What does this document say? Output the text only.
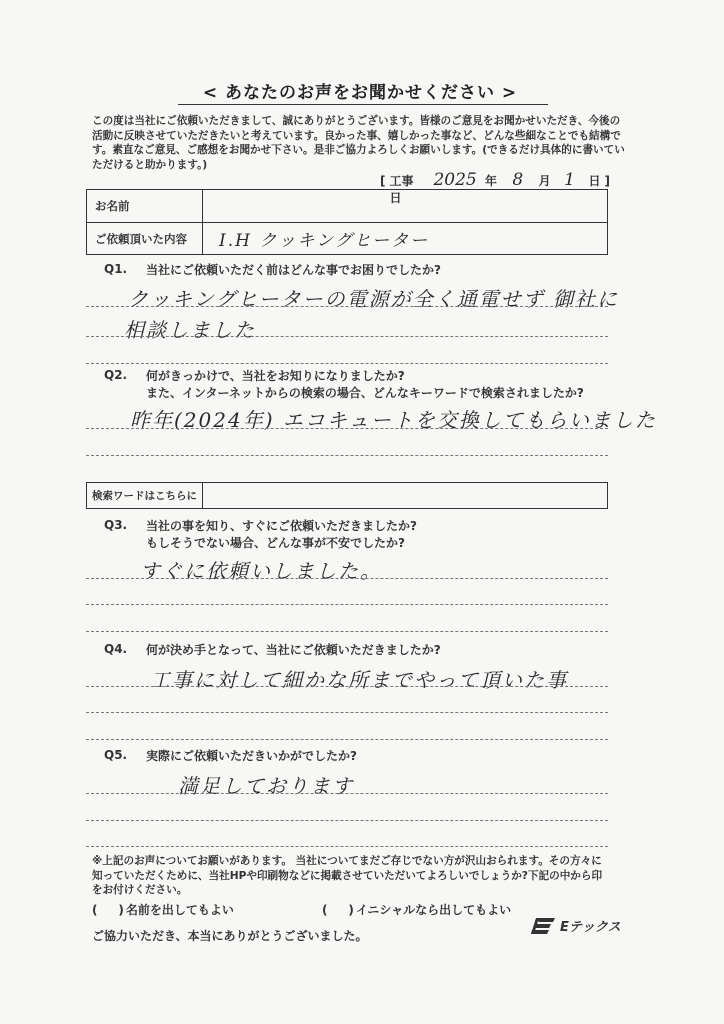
< あなたのお声をお聞かせください >
この度は当社にご依頼いただきまして、誠にありがとうございます。皆様のご意見をお聞かせいただき、今後の活動に反映させていただきたいと考えています。良かった事、嬉しかった事など、どんな些細なことでも結構です。素直なご意見、ご感想をお聞かせ下さい。是非ご協力よろしくお願いします。(できるだけ具体的に書いていただけると助かります。)
[ 工事日
2025 年 8	月 1	日 ]
お名前
ご依頼頂いた内容	I.H クッキングヒーター
Q1. 当社にご依頼いただく前はどんな事でお困りでしたか?
クッキングヒーターの電源が全く通電せず 御社に
相談しました
Q2. 何がきっかけで、当社をお知りになりましたか?
また、インターネットからの検索の場合、どんなキーワードで検索されましたか?
昨年(2024年) エコキュートを交換してもらいました
検索ワードはこちらに
Q3. 当社の事を知り、すぐにご依頼いただきましたか?
もしそうでない場合、どんな事が不安でしたか?
すぐに依頼いしました。
Q4. 何が決め手となって、当社にご依頼いただきましたか?
工事に対して細かな所までやって頂いた事
Q5. 実際にご依頼いただきいかがでしたか?
満足しております
※上記のお声についてお願いがあります。 当社についてまだご存じでない方が沢山おられます。その方々に知っていただくために、当社HPや印刷物などに掲載させていただいてよろしいでしょうか?下記の中から印をお付けください。
(     ) 名前を出してもよい	(     ) イニシャルなら出してもよい
ご協力いただき、本当にありがとうございました。
Eテックス
